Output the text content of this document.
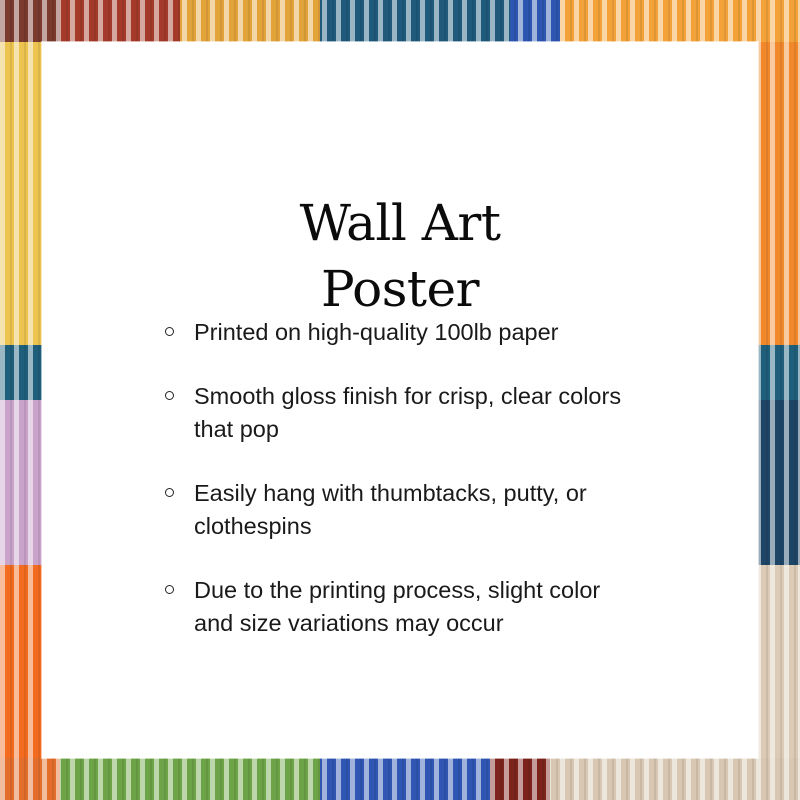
Wall Art
Poster
Printed on high-quality 100lb paper
Smooth gloss finish for crisp, clear colors that pop
Easily hang with thumbtacks, putty, or clothespins
Due to the printing process, slight color and size variations may occur
